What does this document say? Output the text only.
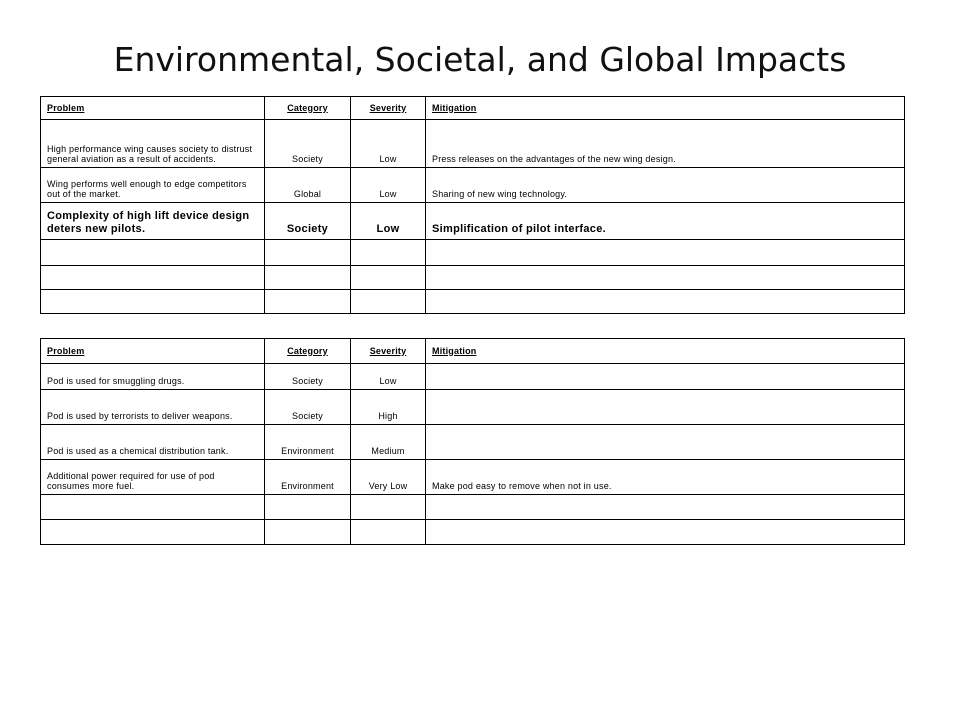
Environmental, Societal, and Global Impacts
Problem	Category	Severity	Mitigation
High performance wing causes society to distrust general aviation as a result of accidents.	Society	Low	Press releases on the advantages of the new wing design.
Wing performs well enough to edge competitors out of the market.	Global	Low	Sharing of new wing technology.
Complexity of high lift device design deters new pilots.	Society	Low	Simplification of pilot interface.

Problem	Category	Severity	Mitigation
Pod is used for smuggling drugs.	Society	Low	
Pod is used by terrorists to deliver weapons.	Society	High	
Pod is used as a chemical distribution tank.	Environment	Medium	
Additional power required for use of pod consumes more fuel.	Environment	Very Low	Make pod easy to remove when not in use.
